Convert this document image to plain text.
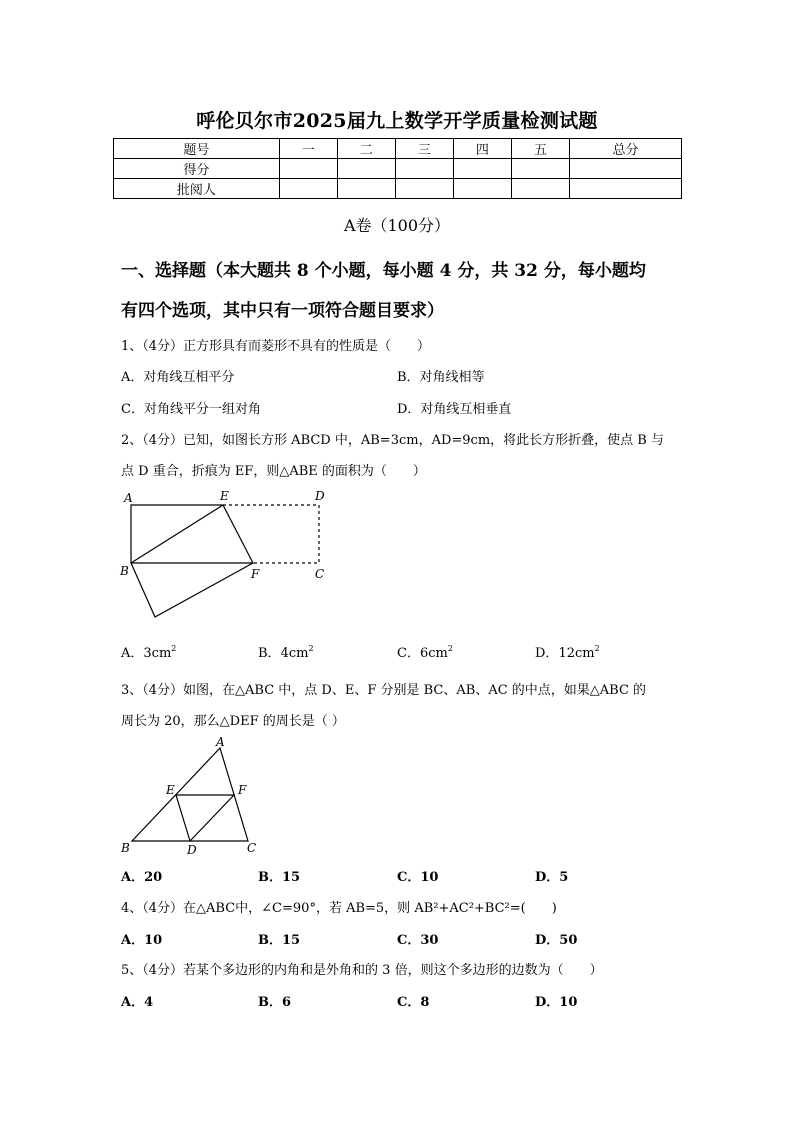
呼伦贝尔市2025届九上数学开学质量检测试题
题号	一	二	三	四	五	总分
得分						
批阅人						
A卷（100分）
一、选择题（本大题共 8 个小题，每小题 4 分，共 32 分，每小题均
有四个选项，其中只有一项符合题目要求）
1、（4分）正方形具有而菱形不具有的性质是（　　）
A．对角线互相平分	B．对角线相等
C．对角线平分一组对角	D．对角线互相垂直
2、（4分）已知，如图长方形 ABCD 中，AB=3cm，AD=9cm，将此长方形折叠，使点 B 与
点 D 重合，折痕为 EF，则△ABE 的面积为（　　）
A	E	D
B	F	C
A．$3cm^2$	B．$4cm^2$	C．$6cm^2$	D．$12cm^2$
3、（4分）如图，在△ABC 中，点 D、E、F 分别是 BC、AB、AC 的中点，如果△ABC 的
周长为 20，那么△DEF 的周长是（ ）
A
E	F
B	D	C
A．20	B．15	C．10	D．5
4、（4分）在△ABC中，∠C=90°，若 AB=5，则 AB²+AC²+BC²=(　　)
A．10	B．15	C．30	D．50
5、（4分）若某个多边形的内角和是外角和的 3 倍，则这个多边形的边数为（　　）
A．4	B．6	C．8	D．10
